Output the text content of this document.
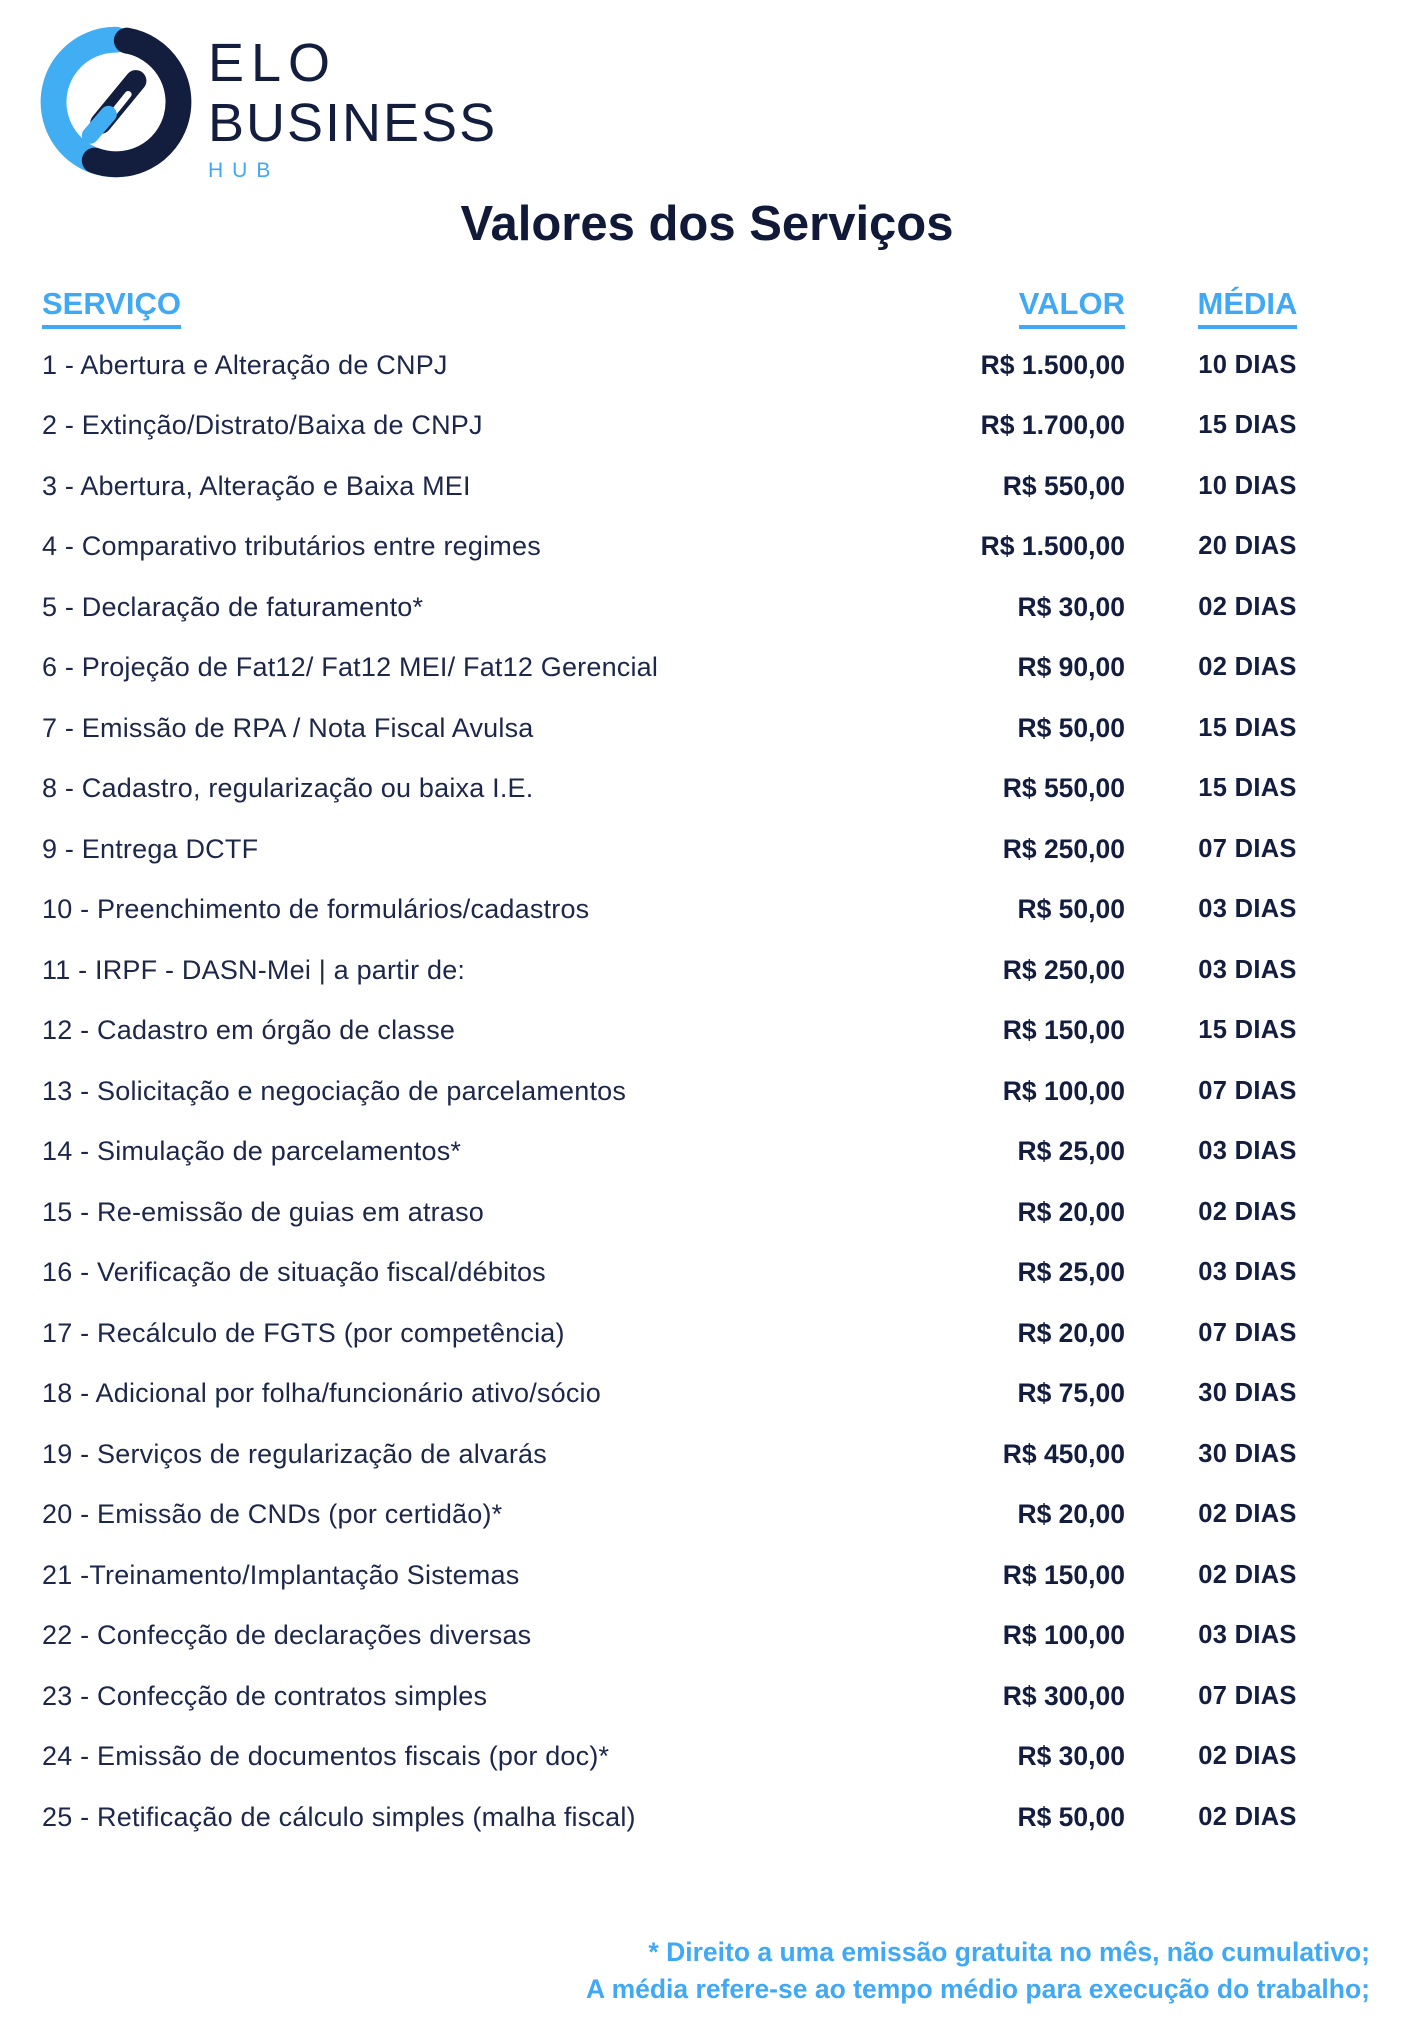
ELO
BUSINESS
HUB
Valores dos Serviços
SERVIÇO	VALOR	MÉDIA
1 - Abertura e Alteração de CNPJ	R$ 1.500,00	10 DIAS
2 - Extinção/Distrato/Baixa de CNPJ	R$ 1.700,00	15 DIAS
3 - Abertura, Alteração e Baixa MEI	R$ 550,00	10 DIAS
4 - Comparativo tributários entre regimes	R$ 1.500,00	20 DIAS
5 - Declaração de faturamento*	R$ 30,00	02 DIAS
6 - Projeção de Fat12/ Fat12 MEI/ Fat12 Gerencial	R$ 90,00	02 DIAS
7 - Emissão de RPA / Nota Fiscal Avulsa	R$ 50,00	15 DIAS
8 - Cadastro, regularização ou baixa I.E.	R$ 550,00	15 DIAS
9 - Entrega DCTF	R$ 250,00	07 DIAS
10 - Preenchimento de formulários/cadastros	R$ 50,00	03 DIAS
11 - IRPF - DASN-Mei | a partir de:	R$ 250,00	03 DIAS
12 - Cadastro em órgão de classe	R$ 150,00	15 DIAS
13 - Solicitação e negociação de parcelamentos	R$ 100,00	07 DIAS
14 - Simulação de parcelamentos*	R$ 25,00	03 DIAS
15 - Re-emissão de guias em atraso	R$ 20,00	02 DIAS
16 - Verificação de situação fiscal/débitos	R$ 25,00	03 DIAS
17 - Recálculo de FGTS (por competência)	R$ 20,00	07 DIAS
18 - Adicional por folha/funcionário ativo/sócio	R$ 75,00	30 DIAS
19 - Serviços de regularização de alvarás	R$ 450,00	30 DIAS
20 - Emissão de CNDs (por certidão)*	R$ 20,00	02 DIAS
21 -Treinamento/Implantação Sistemas	R$ 150,00	02 DIAS
22 - Confecção de declarações diversas	R$ 100,00	03 DIAS
23 - Confecção de contratos simples	R$ 300,00	07 DIAS
24 - Emissão de documentos fiscais (por doc)*	R$ 30,00	02 DIAS
25 - Retificação de cálculo simples (malha fiscal)	R$ 50,00	02 DIAS
* Direito a uma emissão gratuita no mês, não cumulativo;
A média refere-se ao tempo médio para execução do trabalho;
